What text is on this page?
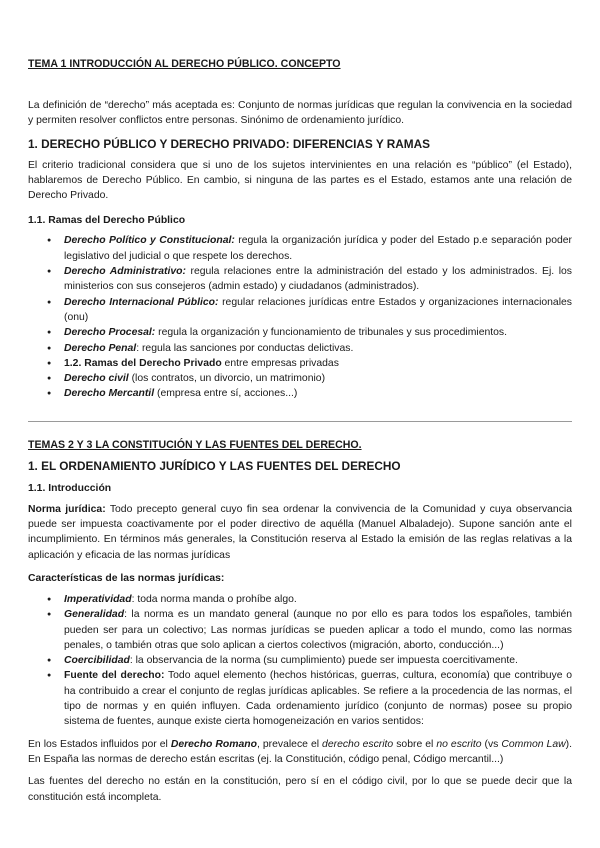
TEMA 1 INTRODUCCIÓN AL DERECHO PÚBLICO. CONCEPTO

La definición de “derecho” más aceptada es: Conjunto de normas jurídicas que regulan la convivencia en la sociedad y permiten resolver conflictos entre personas. Sinónimo de ordenamiento jurídico.

1. DERECHO PÚBLICO Y DERECHO PRIVADO: DIFERENCIAS Y RAMAS

El criterio tradicional considera que si uno de los sujetos intervinientes en una relación es “público” (el Estado), hablaremos de Derecho Público. En cambio, si ninguna de las partes es el Estado, estamos ante una relación de Derecho Privado.

1.1. Ramas del Derecho Público
● Derecho Político y Constitucional: regula la organización jurídica y poder del Estado p.e separación poder legislativo del judicial o que respete los derechos.
● Derecho Administrativo: regula relaciones entre la administración del estado y los administrados. Ej. los ministerios con sus consejeros (admin estado) y ciudadanos (administrados).
● Derecho Internacional Público: regular relaciones jurídicas entre Estados y organizaciones internacionales (onu)
● Derecho Procesal: regula la organización y funcionamiento de tribunales y sus procedimientos.
● Derecho Penal: regula las sanciones por conductas delictivas.
● 1.2. Ramas del Derecho Privado entre empresas privadas
● Derecho civil (los contratos, un divorcio, un matrimonio)
● Derecho Mercantil (empresa entre sí, acciones...)
TEMAS 2 Y 3 LA CONSTITUCIÓN Y LAS FUENTES DEL DERECHO.
1. EL ORDENAMIENTO JURÍDICO Y LAS FUENTES DEL DERECHO
1.1. Introducción

Norma jurídica: Todo precepto general cuyo fin sea ordenar la convivencia de la Comunidad y cuya observancia puede ser impuesta coactivamente por el poder directivo de aquélla (Manuel Albaladejo). Supone sanción ante el incumplimiento. En términos más generales, la Constitución reserva al Estado la emisión de las reglas relativas a la aplicación y eficacia de las normas jurídicas

Características de las normas jurídicas:
● Imperatividad: toda norma manda o prohíbe algo.
● Generalidad: la norma es un mandato general (aunque no por ello es para todos los españoles, también pueden ser para un colectivo; Las normas jurídicas se pueden aplicar a todo el mundo, como las normas penales, o también otras que solo aplican a ciertos colectivos (migración, aborto, conducción...)
● Coercibilidad: la observancia de la norma (su cumplimiento) puede ser impuesta coercitivamente.
● Fuente del derecho: Todo aquel elemento (hechos históricas, guerras, cultura, economía) que contribuye o ha contribuido a crear el conjunto de reglas jurídicas aplicables. Se refiere a la procedencia de las normas, el tipo de normas y en quién influyen. Cada ordenamiento jurídico (conjunto de normas) posee su propio sistema de fuentes, aunque existe cierta homogeneización en varios sentidos:

En los Estados influidos por el Derecho Romano, prevalece el derecho escrito sobre el no escrito (vs Common Law). En España las normas de derecho están escritas (ej. la Constitución, código penal, Código mercantil...)

Las fuentes del derecho no están en la constitución, pero sí en el código civil, por lo que se puede decir que la constitución está incompleta.
